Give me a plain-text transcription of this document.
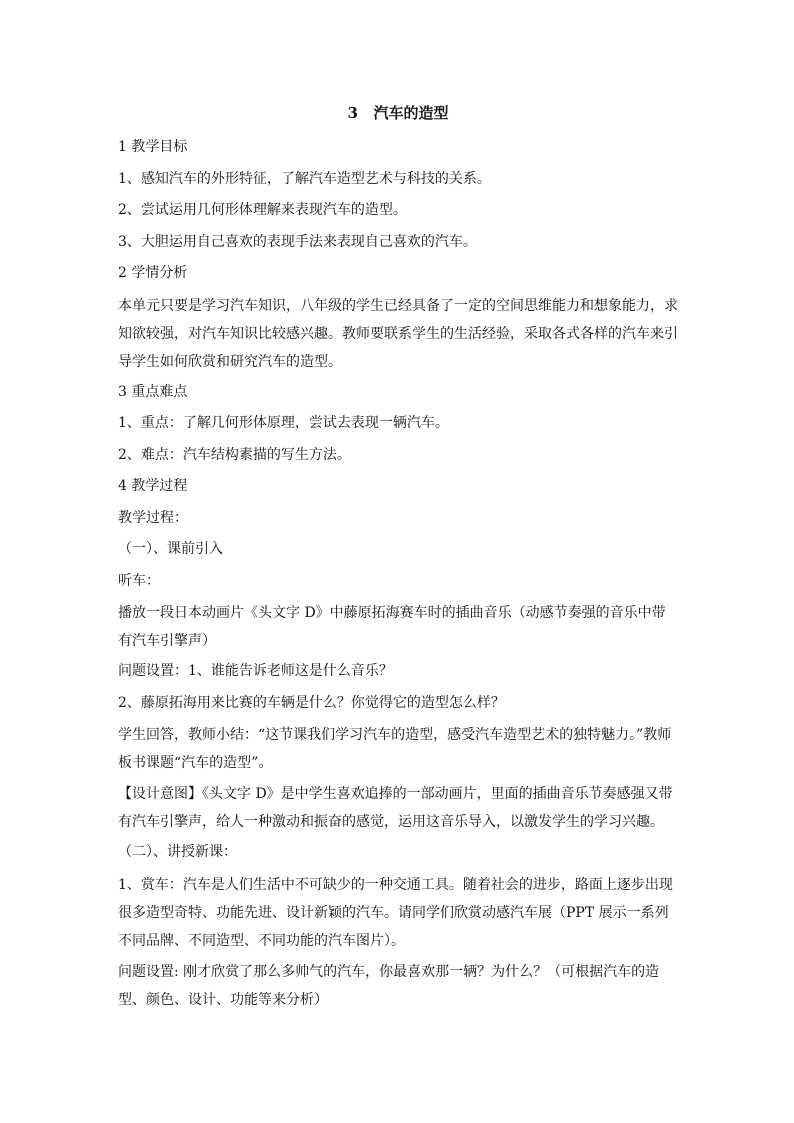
3   汽车的造型

1 教学目标

1、感知汽车的外形特征，了解汽车造型艺术与科技的关系。

2、尝试运用几何形体理解来表现汽车的造型。

3、大胆运用自己喜欢的表现手法来表现自己喜欢的汽车。

2 学情分析

本单元只要是学习汽车知识，八年级的学生已经具备了一定的空间思维能力和想象能力，求知欲较强，对汽车知识比较感兴趣。教师要联系学生的生活经验，采取各式各样的汽车来引导学生如何欣赏和研究汽车的造型。

3 重点难点

1、重点：了解几何形体原理，尝试去表现一辆汽车。

2、难点：汽车结构素描的写生方法。

4 教学过程

教学过程：

（一）、课前引入

听车：

播放一段日本动画片《头文字 D》中藤原拓海赛车时的插曲音乐（动感节奏强的音乐中带有汽车引擎声）

问题设置：1、谁能告诉老师这是什么音乐？

2、藤原拓海用来比赛的车辆是什么？你觉得它的造型怎么样？

学生回答，教师小结：“这节课我们学习汽车的造型，感受汽车造型艺术的独特魅力。”教师板书课题“汽车的造型”。

【设计意图】《头文字 D》是中学生喜欢追捧的一部动画片，里面的插曲音乐节奏感强又带有汽车引擎声，给人一种激动和振奋的感觉，运用这音乐导入，以激发学生的学习兴趣。

（二）、讲授新课：

1、赏车：汽车是人们生活中不可缺少的一种交通工具。随着社会的进步，路面上逐步出现很多造型奇特、功能先进、设计新颖的汽车。请同学们欣赏动感汽车展（PPT 展示一系列不同品牌、不同造型、不同功能的汽车图片）。

问题设置: 刚才欣赏了那么多帅气的汽车，你最喜欢那一辆？为什么？（可根据汽车的造型、颜色、设计、功能等来分析）
